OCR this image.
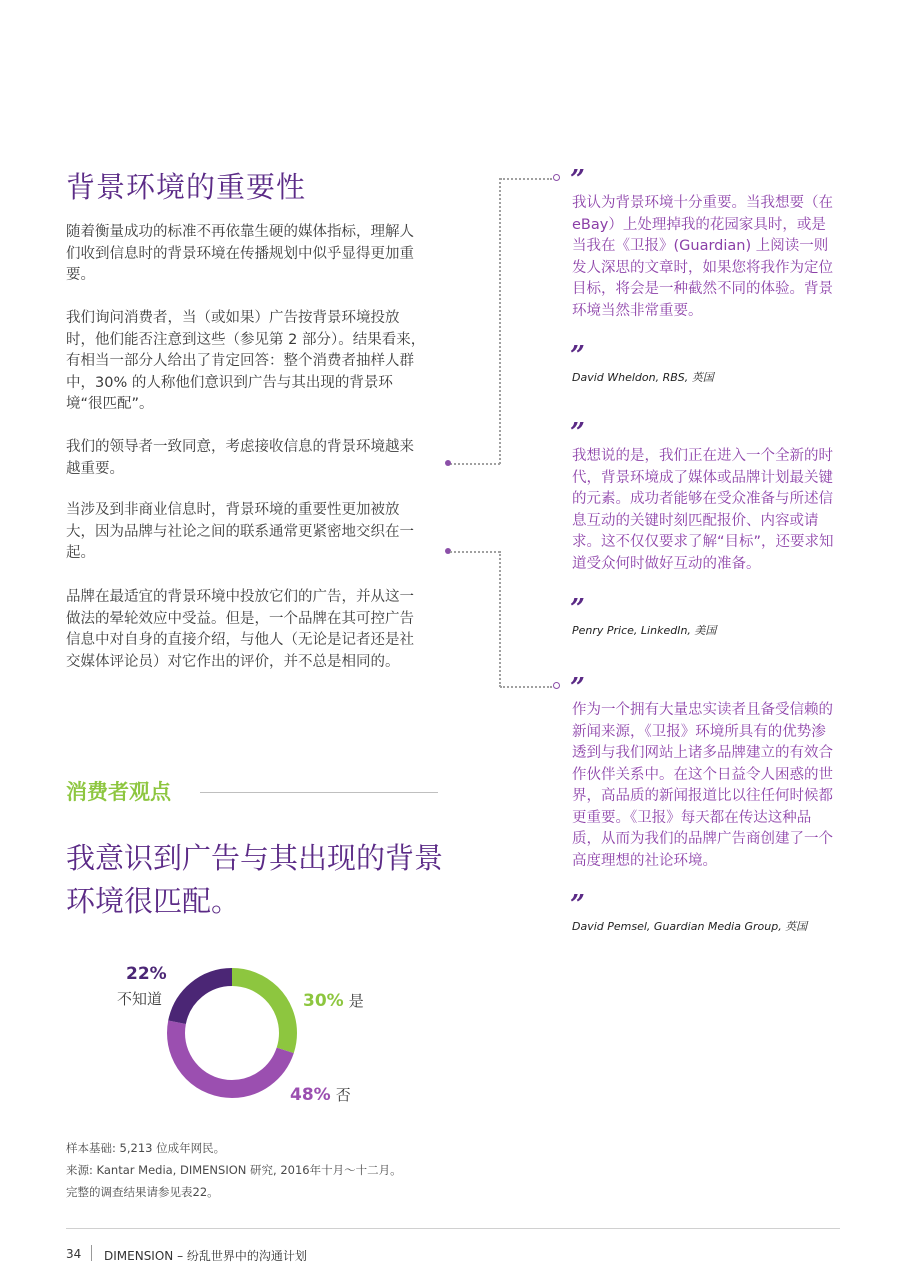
背景环境的重要性
随着衡量成功的标准不再依靠生硬的媒体指标，理解人们收到信息时的背景环境在传播规划中似乎显得更加重要。
我们询问消费者，当（或如果）广告按背景环境投放时，他们能否注意到这些（参见第 2 部分）。结果看来，有相当一部分人给出了肯定回答：整个消费者抽样人群中，30% 的人称他们意识到广告与其出现的背景环境“很匹配”。
我们的领导者一致同意，考虑接收信息的背景环境越来越重要。
当涉及到非商业信息时，背景环境的重要性更加被放大，因为品牌与社论之间的联系通常更紧密地交织在一起。
品牌在最适宜的背景环境中投放它们的广告，并从这一做法的晕轮效应中受益。但是，一个品牌在其可控广告信息中对自身的直接介绍，与他人（无论是记者还是社交媒体评论员）对它作出的评价，并不总是相同的。
消费者观点
我意识到广告与其出现的背景环境很匹配。
22%
不知道	30% 是
48% 否
样本基础: 5,213 位成年网民。
来源: Kantar Media, DIMENSION 研究, 2016年十月～十二月。
完整的调查结果请参见表22。
”
我认为背景环境十分重要。当我想要（在 eBay）上处理掉我的花园家具时，或是当我在《卫报》(Guardian) 上阅读一则发人深思的文章时，如果您将我作为定位目标，将会是一种截然不同的体验。背景环境当然非常重要。
”
David Wheldon, RBS, 英国
”
我想说的是，我们正在进入一个全新的时代，背景环境成了媒体或品牌计划最关键的元素。成功者能够在受众准备与所述信息互动的关键时刻匹配报价、内容或请求。这不仅仅要求了解“目标”，还要求知道受众何时做好互动的准备。
”
Penry Price, LinkedIn, 美国
”
作为一个拥有大量忠实读者且备受信赖的新闻来源，《卫报》环境所具有的优势渗透到与我们网站上诸多品牌建立的有效合作伙伴关系中。在这个日益令人困惑的世界，高品质的新闻报道比以往任何时候都更重要。《卫报》每天都在传达这种品质，从而为我们的品牌广告商创建了一个高度理想的社论环境。
”
David Pemsel, Guardian Media Group, 英国
34 DIMENSION – 纷乱世界中的沟通计划
